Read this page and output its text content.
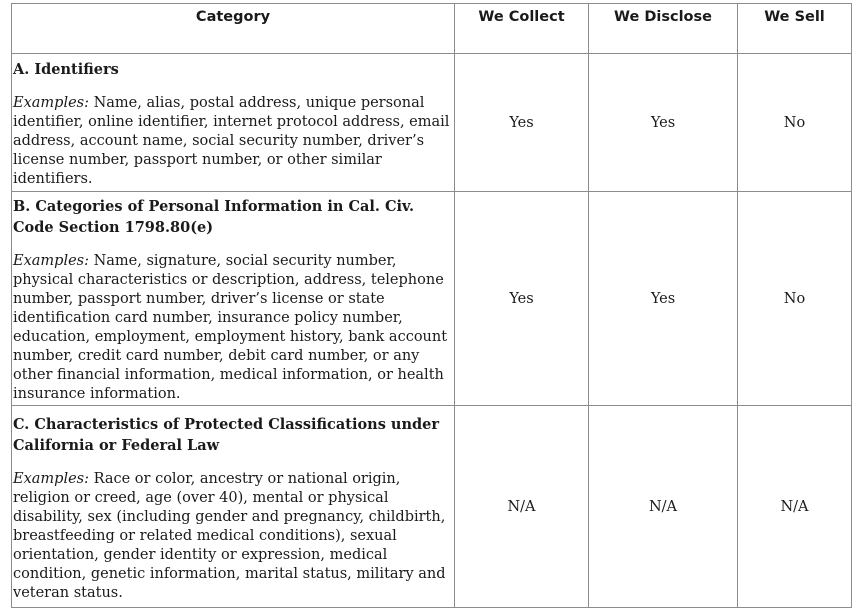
Category	We Collect	We Disclose	We Sell

A. Identifiers
Examples: Name, alias, postal address, unique personal identifier, online identifier, internet protocol address, email address, account name, social security number, driver’s license number, passport number, or other similar identifiers.	Yes	Yes	No

B. Categories of Personal Information in Cal. Civ. Code Section 1798.80(e)
Examples: Name, signature, social security number, physical characteristics or description, address, telephone number, passport number, driver’s license or state identification card number, insurance policy number, education, employment, employment history, bank account number, credit card number, debit card number, or any other financial information, medical information, or health insurance information.	Yes	Yes	No

C. Characteristics of Protected Classifications under California or Federal Law
Examples: Race or color, ancestry or national origin, religion or creed, age (over 40), mental or physical disability, sex (including gender and pregnancy, childbirth, breastfeeding or related medical conditions), sexual orientation, gender identity or expression, medical condition, genetic information, marital status, military and veteran status.	N/A	N/A	N/A
